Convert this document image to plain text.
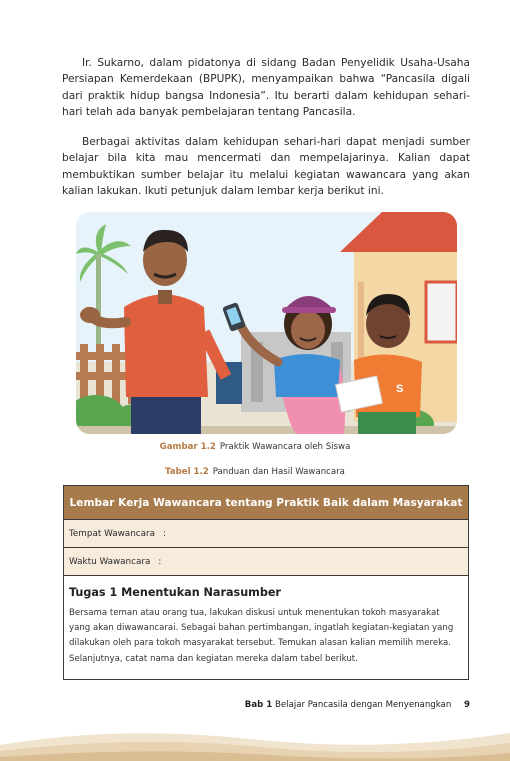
Ir. Sukarno, dalam pidatonya di sidang Badan Penyelidik Usaha-Usaha Persiapan Kemerdekaan (BPUPK), menyampaikan bahwa “Pancasila digali dari praktik hidup bangsa Indonesia”. Itu berarti dalam kehidupan sehari-hari telah ada banyak pembelajaran tentang Pancasila.

Berbagai aktivitas dalam kehidupan sehari-hari dapat menjadi sumber belajar bila kita mau mencermati dan mempelajarinya. Kalian dapat membuktikan sumber belajar itu melalui kegiatan wawancara yang akan kalian lakukan. Ikuti petunjuk dalam lembar kerja berikut ini.

S
Gambar 1.2 Praktik Wawancara oleh Siswa
Tabel 1.2 Panduan dan Hasil Wawancara
Lembar Kerja Wawancara tentang Praktik Baik dalam Masyarakat
Tempat Wawancara :
Waktu Wawancara :
Tugas 1 Menentukan Narasumber

Bersama teman atau orang tua, lakukan diskusi untuk menentukan tokoh masyarakat yang akan diwawancarai. Sebagai bahan pertimbangan, ingatlah kegiatan-kegiatan yang dilakukan oleh para tokoh masyarakat tersebut. Temukan alasan kalian memilih mereka. Selanjutnya, catat nama dan kegiatan mereka dalam tabel berikut.

Bab 1 Belajar Pancasila dengan Menyenangkan 9
